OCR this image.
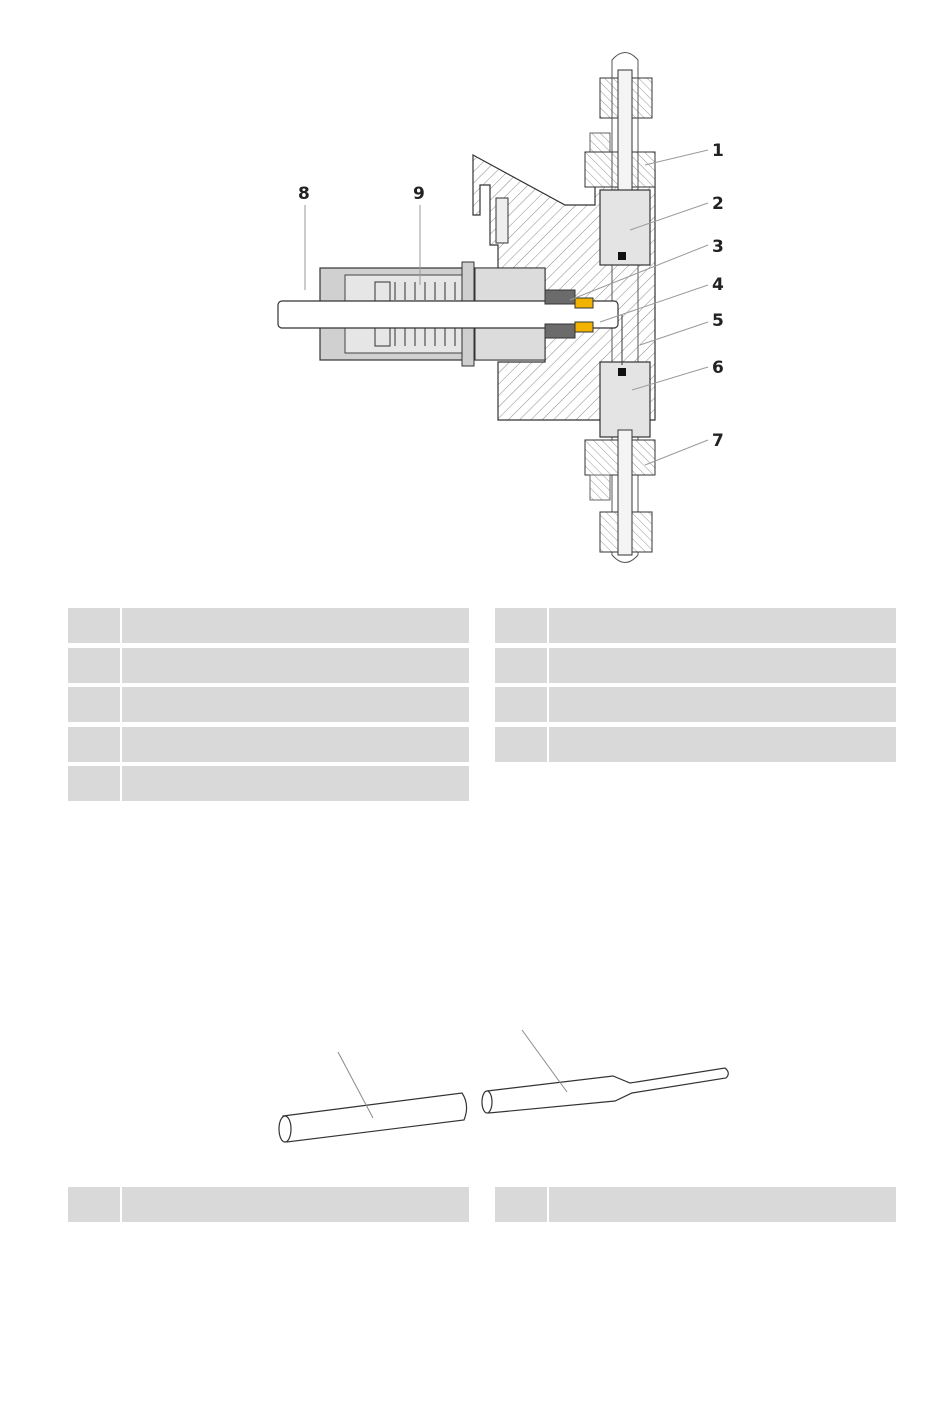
1
2
3
4
5
6
7
8	9
